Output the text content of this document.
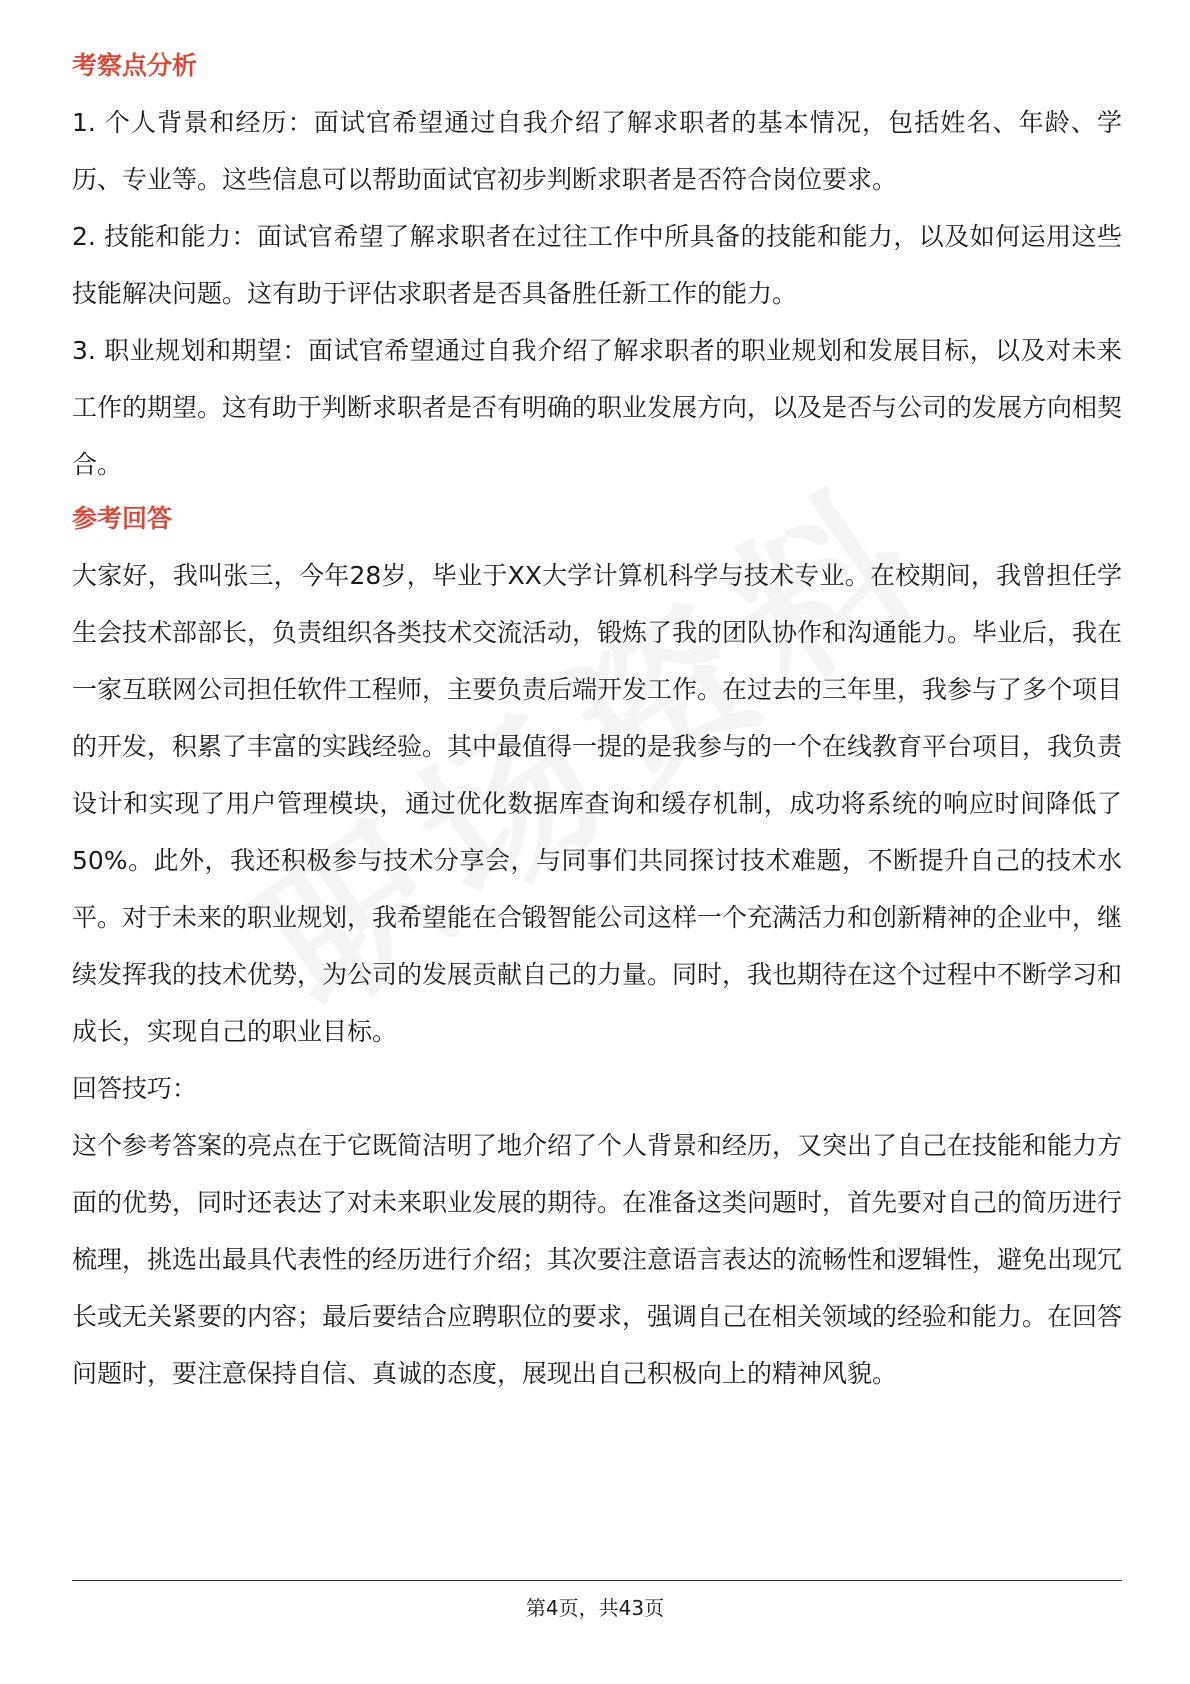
考察点分析

1. 个人背景和经历：面试官希望通过自我介绍了解求职者的基本情况，包括姓名、年龄、学历、专业等。这些信息可以帮助面试官初步判断求职者是否符合岗位要求。

2. 技能和能力：面试官希望了解求职者在过往工作中所具备的技能和能力，以及如何运用这些技能解决问题。这有助于评估求职者是否具备胜任新工作的能力。

3. 职业规划和期望：面试官希望通过自我介绍了解求职者的职业规划和发展目标，以及对未来工作的期望。这有助于判断求职者是否有明确的职业发展方向，以及是否与公司的发展方向相契合。

参考回答

大家好，我叫张三，今年28岁，毕业于XX大学计算机科学与技术专业。在校期间，我曾担任学生会技术部部长，负责组织各类技术交流活动，锻炼了我的团队协作和沟通能力。毕业后，我在一家互联网公司担任软件工程师，主要负责后端开发工作。在过去的三年里，我参与了多个项目的开发，积累了丰富的实践经验。其中最值得一提的是我参与的一个在线教育平台项目，我负责设计和实现了用户管理模块，通过优化数据库查询和缓存机制，成功将系统的响应时间降低了50%。此外，我还积极参与技术分享会，与同事们共同探讨技术难题，不断提升自己的技术水平。对于未来的职业规划，我希望能在合锻智能公司这样一个充满活力和创新精神的企业中，继续发挥我的技术优势，为公司的发展贡献自己的力量。同时，我也期待在这个过程中不断学习和成长，实现自己的职业目标。

回答技巧：

这个参考答案的亮点在于它既简洁明了地介绍了个人背景和经历，又突出了自己在技能和能力方面的优势，同时还表达了对未来职业发展的期待。在准备这类问题时，首先要对自己的简历进行梳理，挑选出最具代表性的经历进行介绍；其次要注意语言表达的流畅性和逻辑性，避免出现冗长或无关紧要的内容；最后要结合应聘职位的要求，强调自己在相关领域的经验和能力。在回答问题时，要注意保持自信、真诚的态度，展现出自己积极向上的精神风貌。

第4页，共43页
